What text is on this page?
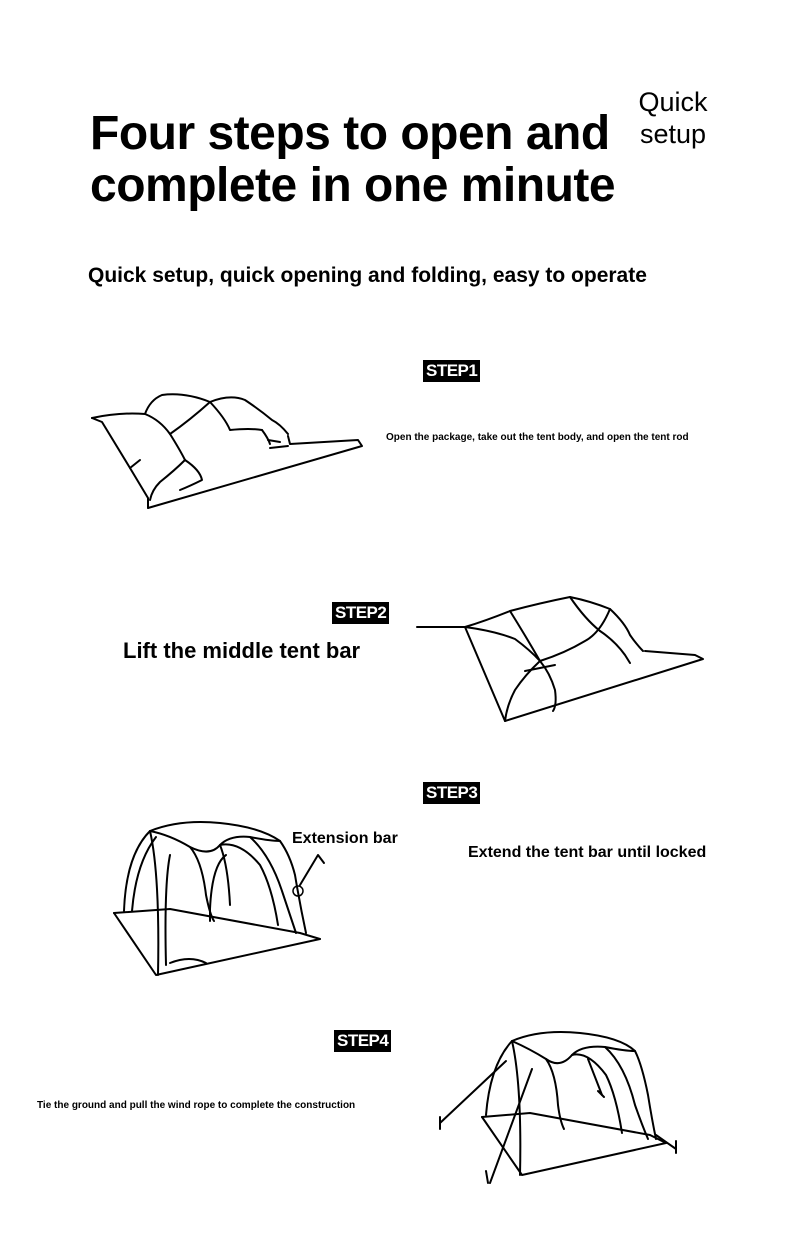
Four steps to open and
complete in one minute
Quick
setup
Quick setup, quick opening and folding, easy to operate
STEP1
Open the package, take out the tent body, and open the tent rod
STEP2
Lift the middle tent bar
STEP3
Extension bar
Extend the tent bar until locked
STEP4
Tie the ground and pull the wind rope to complete the construction
